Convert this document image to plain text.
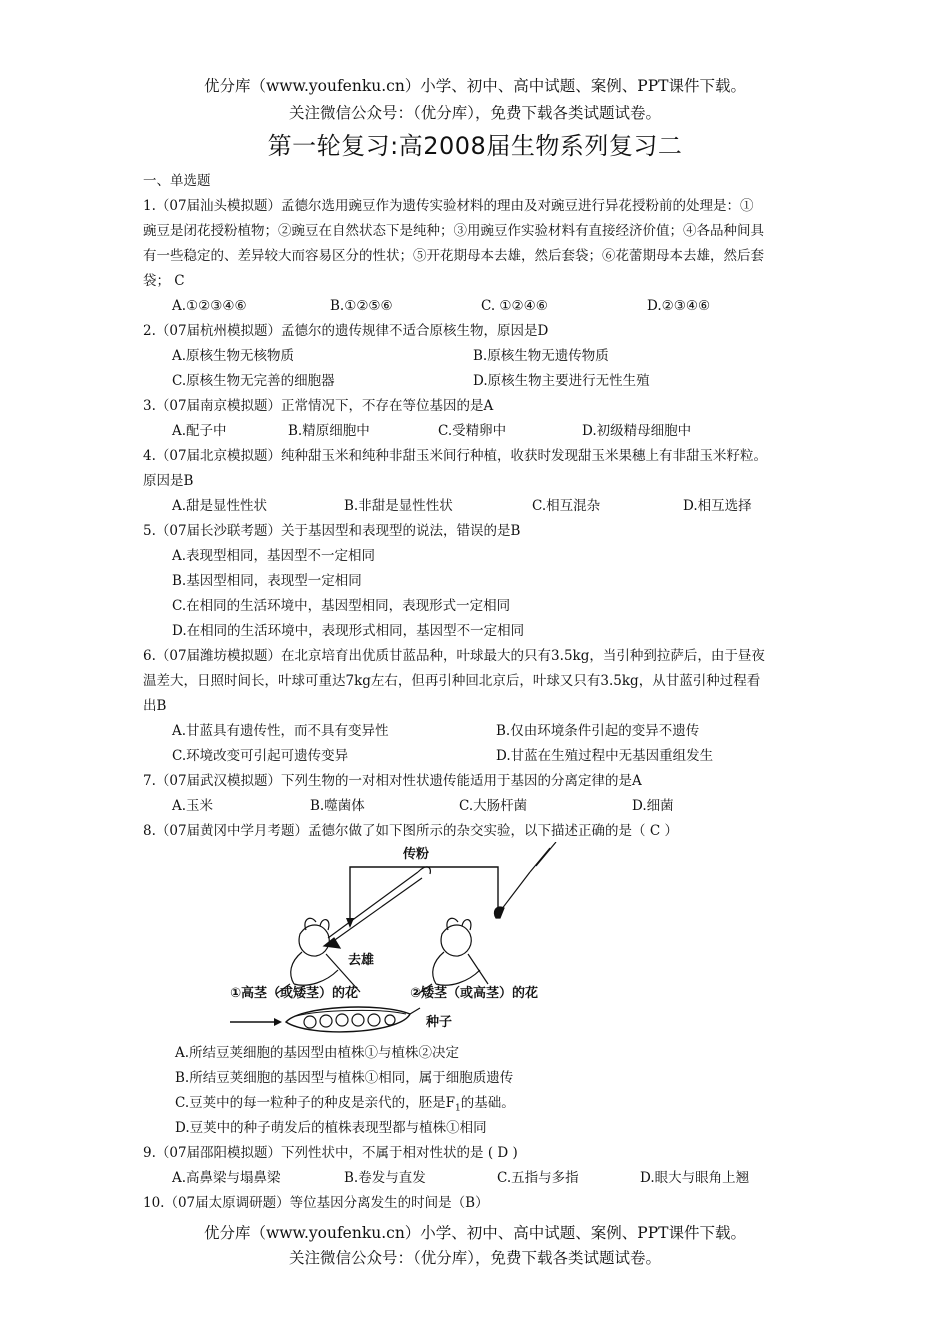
优分库（www.youfenku.cn）小学、初中、高中试题、案例、PPT课件下载。
关注微信公众号：（优分库），免费下载各类试题试卷。
第一轮复习:高2008届生物系列复习二
一、单选题
1.（07届汕头模拟题）孟德尔选用豌豆作为遗传实验材料的理由及对豌豆进行异花授粉前的处理是：①
豌豆是闭花授粉植物；②豌豆在自然状态下是纯种；③用豌豆作实验材料有直接经济价值；④各品种间具
有一些稳定的、差异较大而容易区分的性状；⑤开花期母本去雄，然后套袋；⑥花蕾期母本去雄，然后套
袋； C
A.①②③④⑥	B.①②⑤⑥	C. ①②④⑥	D.②③④⑥
2.（07届杭州模拟题）孟德尔的遗传规律不适合原核生物，原因是D
A.原核生物无核物质	B.原核生物无遗传物质
C.原核生物无完善的细胞器	D.原核生物主要进行无性生殖
3.（07届南京模拟题）正常情况下，不存在等位基因的是A
A.配子中	B.精原细胞中	C.受精卵中	D.初级精母细胞中
4.（07届北京模拟题）纯种甜玉米和纯种非甜玉米间行种植，收获时发现甜玉米果穗上有非甜玉米籽粒。
原因是B
A.甜是显性性状	B.非甜是显性性状	C.相互混杂	D.相互选择
5.（07届长沙联考题）关于基因型和表现型的说法，错误的是B
A.表现型相同，基因型不一定相同
B.基因型相同，表现型一定相同
C.在相同的生活环境中，基因型相同，表现形式一定相同
D.在相同的生活环境中，表现形式相同，基因型不一定相同
6.（07届潍坊模拟题）在北京培育出优质甘蓝品种，叶球最大的只有3.5kg，当引种到拉萨后，由于昼夜
温差大，日照时间长，叶球可重达7kg左右，但再引种回北京后，叶球又只有3.5kg，从甘蓝引种过程看
出B
A.甘蓝具有遗传性，而不具有变异性	B.仅由环境条件引起的变异不遗传
C.环境改变可引起可遗传变异	D.甘蓝在生殖过程中无基因重组发生
7.（07届武汉模拟题）下列生物的一对相对性状遗传能适用于基因的分离定律的是A
A.玉米	B.噬菌体	C.大肠杆菌	D.细菌
8.（07届黄冈中学月考题）孟德尔做了如下图所示的杂交实验，以下描述正确的是（ C ）
传粉
去雄
①高茎（或矮茎）的花	②矮茎（或高茎）的花
种子
A.所结豆荚细胞的基因型由植株①与植株②决定
B.所结豆荚细胞的基因型与植株①相同，属于细胞质遗传
C.豆荚中的每一粒种子的种皮是亲代的，胚是$F_1$的基础。
D.豆荚中的种子萌发后的植株表现型都与植株①相同
9.（07届邵阳模拟题）下列性状中，不属于相对性状的是 ( D )
A.高鼻梁与塌鼻梁	B.卷发与直发	C.五指与多指	D.眼大与眼角上翘
10.（07届太原调研题）等位基因分离发生的时间是（B）
优分库（www.youfenku.cn）小学、初中、高中试题、案例、PPT课件下载。
关注微信公众号：（优分库），免费下载各类试题试卷。
